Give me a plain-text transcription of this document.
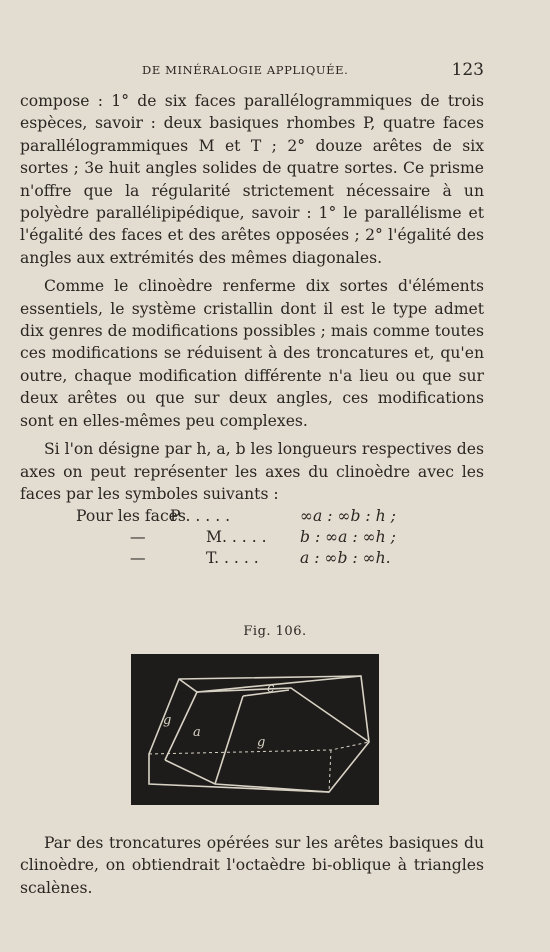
DE MINÉRALOGIE APPLIQUÉE.	123

compose : 1° de six faces parallélogrammiques de trois espèces, savoir : deux basiques rhombes P, quatre faces parallélogrammiques M et T ; 2° douze arêtes de six sortes ; 3e huit angles solides de quatre sortes. Ce prisme n'offre que la régularité strictement nécessaire à un polyèdre parallélipipédique, savoir : 1° le parallélisme et l'égalité des faces et des arêtes opposées ; 2° l'égalité des angles aux extrémités des mêmes diagonales.

Comme le clinoèdre renferme dix sortes d'éléments essentiels, le système cristallin dont il est le type admet dix genres de modifications possibles ; mais comme toutes ces modifications se réduisent à des troncatures et, qu'en outre, chaque modification différente n'a lieu ou que sur deux arêtes ou que sur deux angles, ces modifications sont en elles-mêmes peu complexes.

Si l'on désigne par h, a, b les longueurs respectives des axes on peut représenter les axes du clinoèdre avec les faces par les symboles suivants :

Pour les faces
P . . . . .	∞a : ∞b : h ;
—	M. . . . . b : ∞a : ∞h ;
—	T. . . . .	a : ∞b : ∞h.
Fig. 106.
c
g
a
g

Par des troncatures opérées sur les arêtes basiques du clinoèdre, on obtiendrait l'octaèdre bi-oblique à triangles scalènes.
